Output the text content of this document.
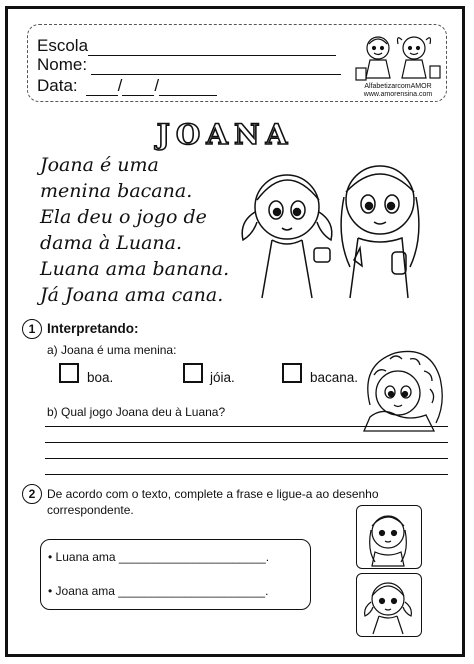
Escola
Nome:
Data: / /	AlfabetizarcomAMOR
www.amorensina.com
JOANA
Joana é uma
menina bacana.
Ela deu o jogo de
dama à Luana.
Luana ama banana.
Já Joana ama cana.
1 Interpretando:
a) Joana é uma menina:
boa.	jóia.	bacana.
b) Qual jogo Joana deu à Luana?
2 De acordo com o texto, complete a frase e ligue-a ao desenho
correspondente.
• Luana ama ______________________.
• Joana ama ______________________.
